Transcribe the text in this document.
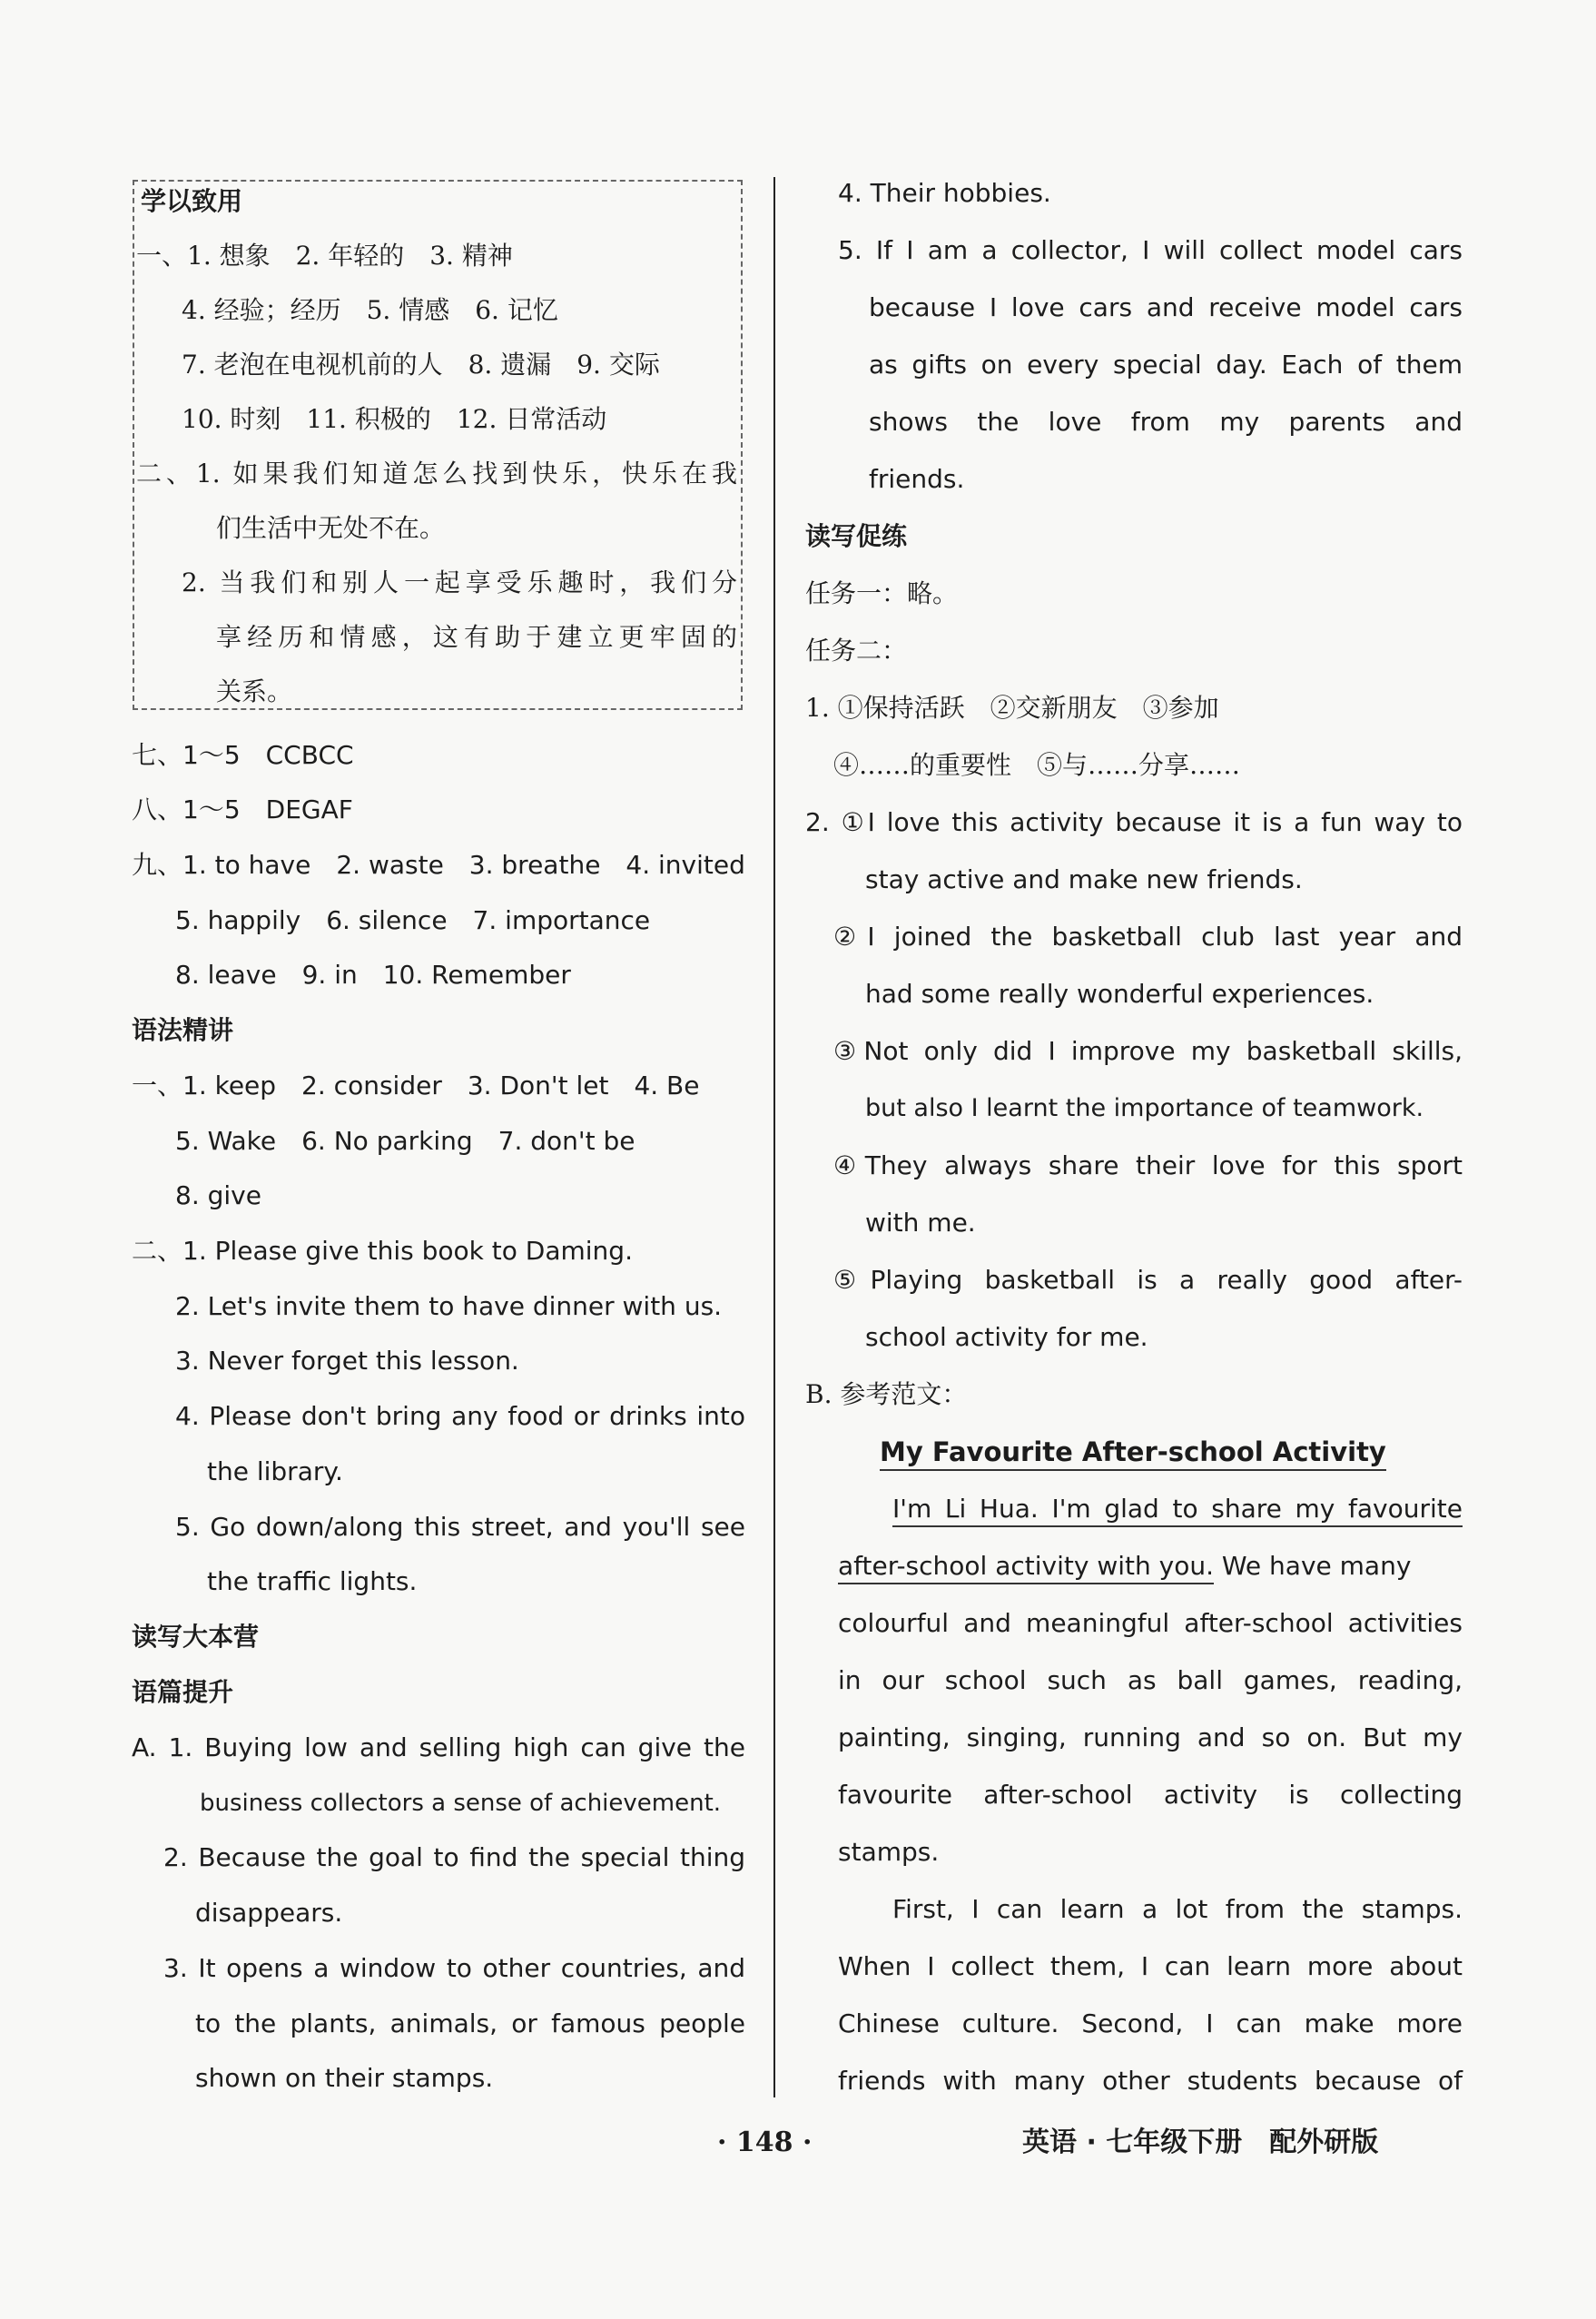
学以致用
一、1. 想象　2. 年轻的　3. 精神
4. 经验；经历　5. 情感　6. 记忆
7. 老泡在电视机前的人　8. 遗漏　9. 交际
10. 时刻　11. 积极的　12. 日常活动
二、1. 如果我们知道怎么找到快乐，快乐在我
们生活中无处不在。
2. 当我们和别人一起享受乐趣时，我们分
享经历和情感，这有助于建立更牢固的
关系。
七、1～5　CCBCC
八、1～5　DEGAF
九、1. to have　2. waste　3. breathe　4. invited
5. happily　6. silence　7. importance
8. leave　9. in　10. Remember
语法精讲
一、1. keep　2. consider　3. Don't let　4. Be
5. Wake　6. No parking　7. don't be
8. give
二、1. Please give this book to Daming.
2. Let's invite them to have dinner with us.
3. Never forget this lesson.
4. Please don't bring any food or drinks into
the library.
5. Go down/along this street, and you'll see
the traffic lights.
读写大本营
语篇提升
A. 1. Buying low and selling high can give the
business collectors a sense of achievement.
2. Because the goal to find the special thing
disappears.
3. It opens a window to other countries, and
to the plants, animals, or famous people
shown on their stamps.
4. Their hobbies.
5. If I am a collector, I will collect model cars
because I love cars and receive model cars
as gifts on every special day. Each of them
shows the love from my parents and
friends.
读写促练
任务一：略。
任务二：
1. ①保持活跃　②交新朋友　③参加
④……的重要性　⑤与……分享……
2. ①I love this activity because it is a fun way to
stay active and make new friends.
②I joined the basketball club last year and
had some really wonderful experiences.
③Not only did I improve my basketball skills,
but also I learnt the importance of teamwork.
④They always share their love for this sport
with me.
⑤Playing basketball is a really good after-
school activity for me.
B. 参考范文：
My Favourite After-school Activity
I'm Li Hua. I'm glad to share my favourite
after-school activity with you. We have many
colourful and meaningful after-school activities
in our school such as ball games, reading,
painting, singing, running and so on. But my
favourite after-school activity is collecting
stamps.
First, I can learn a lot from the stamps.
When I collect them, I can learn more about
Chinese culture. Second, I can make more
friends with many other students because of
· 148 ·	英语 · 七年级下册　配外研版
